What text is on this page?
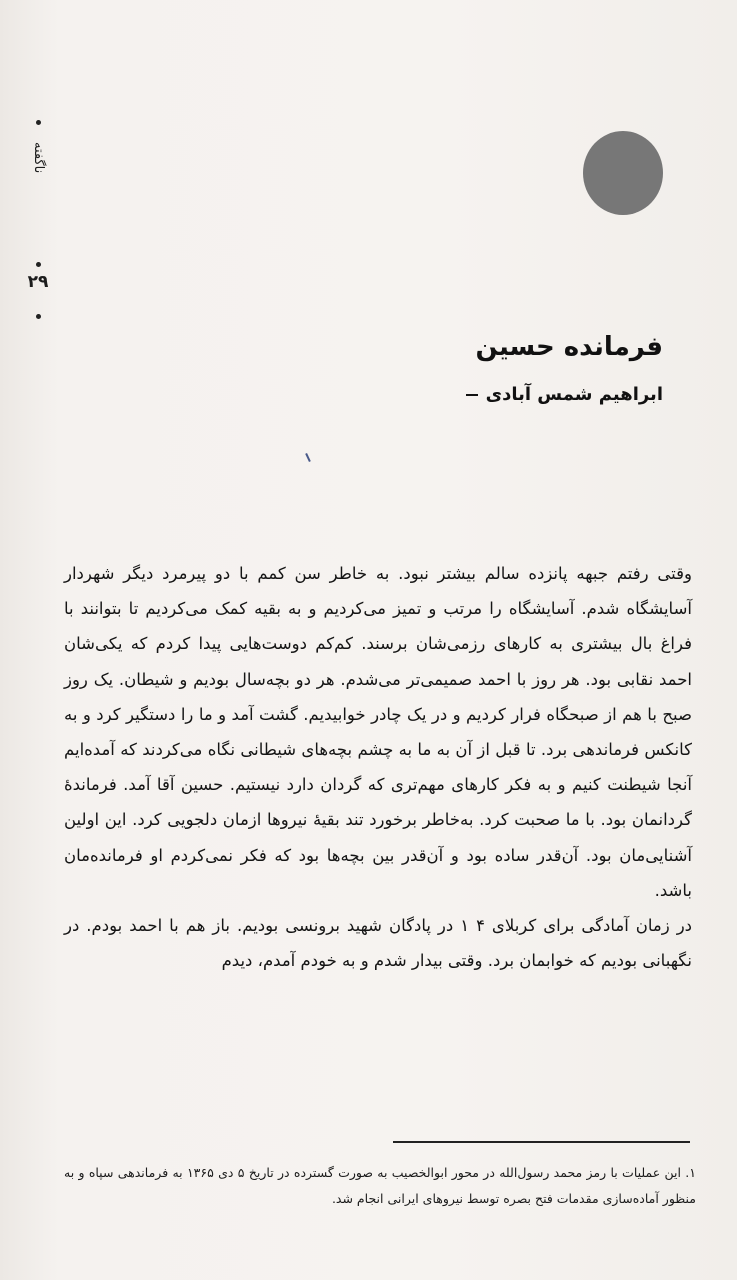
ناگفته
۲۹
فرمانده حسین
ابراهیم شمس آبادی

وقتی رفتم جبهه پانزده سالم بیشتر نبود. به خاطر سن کمم با دو پیرمرد دیگر شهردار آسایشگاه شدم. آسایشگاه را مرتب و تمیز می‌کردیم و به بقیه کمک می‌کردیم تا بتوانند با فراغ بال بیشتری به کارهای رزمی‌شان برسند. کم‌کم دوست‌هایی پیدا کردم که یکی‌شان احمد نقابی بود. هر روز با احمد صمیمی‌تر می‌شدم. هر دو بچه‌سال بودیم و شیطان. یک روز صبح با هم از صبحگاه فرار کردیم و در یک چادر خوابیدیم. گشت آمد و ما را دستگیر کرد و به کانکس فرماندهی برد. تا قبل از آن به ما به چشم بچه‌های شیطانی نگاه می‌کردند که آمده‌ایم آنجا شیطنت کنیم و به فکر کارهای مهم‌تری که گردان دارد نیستیم. حسین آقا آمد. فرماندهٔ گردانمان بود. با ما صحبت کرد. به‌خاطر برخورد تند بقیهٔ نیروها ازمان دلجویی کرد. این اولین آشنایی‌مان بود. آن‌قدر ساده بود و آن‌قدر بین بچه‌ها بود که فکر نمی‌کردم او فرمانده‌مان باشد.

در زمان آمادگی برای کربلای ۴ ۱ در پادگان شهید برونسی بودیم. باز هم با احمد بودم. در نگهبانی بودیم که خوابمان برد. وقتی بیدار شدم و به خودم آمدم، دیدم

۱. این عملیات با رمز محمد رسول‌الله در محور ابوالخصیب به صورت گسترده در تاریخ ۵ دی ۱۳۶۵ به فرماندهی سپاه و به منظور آماده‌سازی مقدمات فتح بصره توسط نیروهای ایرانی انجام شد.
